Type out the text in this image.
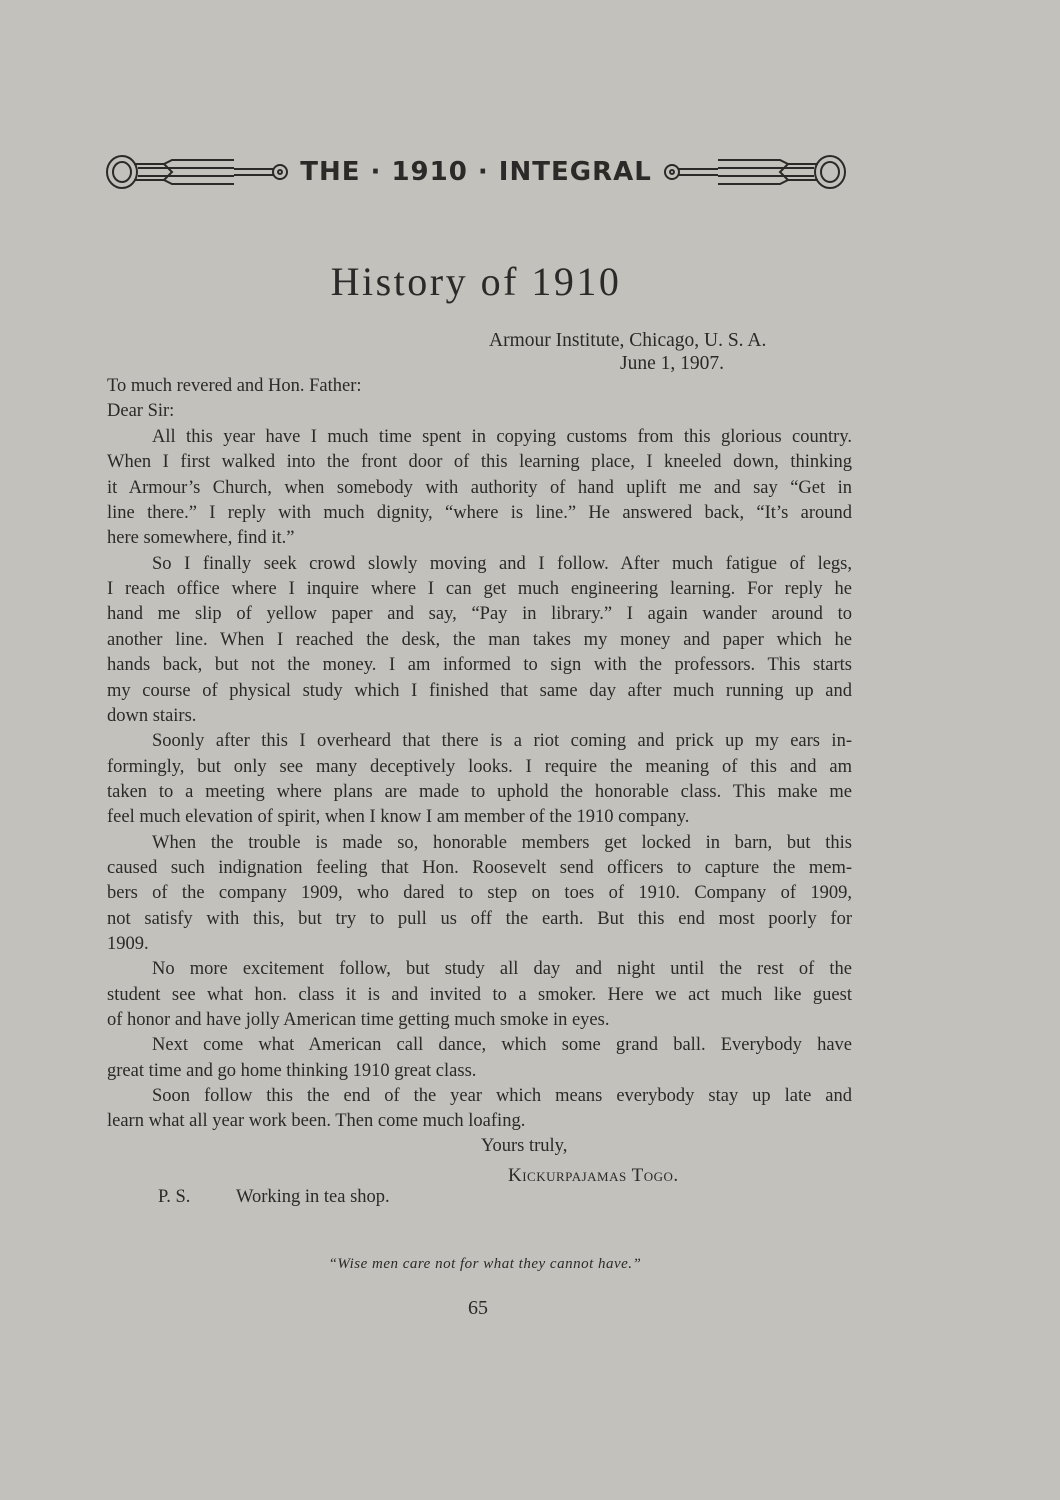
THE · 1910 · INTEGRAL
History of 1910
Armour Institute, Chicago, U. S. A.
June 1, 1907.
To much revered and Hon. Father:
Dear Sir:
All this year have I much time spent in copying customs from this glorious country.
When I first walked into the front door of this learning place, I kneeled down, thinking
it Armour’s Church, when somebody with authority of hand uplift me and say “Get in
line there.” I reply with much dignity, “where is line.” He answered back, “It’s around
here somewhere, find it.”
So I finally seek crowd slowly moving and I follow. After much fatigue of legs,
I reach office where I inquire where I can get much engineering learning. For reply he
hand me slip of yellow paper and say, “Pay in library.” I again wander around to
another line. When I reached the desk, the man takes my money and paper which he
hands back, but not the money. I am informed to sign with the professors. This starts
my course of physical study which I finished that same day after much running up and
down stairs.
Soonly after this I overheard that there is a riot coming and prick up my ears in-
formingly, but only see many deceptively looks. I require the meaning of this and am
taken to a meeting where plans are made to uphold the honorable class. This make me
feel much elevation of spirit, when I know I am member of the 1910 company.
When the trouble is made so, honorable members get locked in barn, but this
caused such indignation feeling that Hon. Roosevelt send officers to capture the mem-
bers of the company 1909, who dared to step on toes of 1910. Company of 1909,
not satisfy with this, but try to pull us off the earth. But this end most poorly for
1909.
No more excitement follow, but study all day and night until the rest of the
student see what hon. class it is and invited to a smoker. Here we act much like guest
of honor and have jolly American time getting much smoke in eyes.
Next come what American call dance, which some grand ball. Everybody have
great time and go home thinking 1910 great class.
Soon follow this the end of the year which means everybody stay up late and
learn what all year work been. Then come much loafing.
Yours truly,
Kickurpajamas Togo.
P. S. Working in tea shop.
“Wise men care not for what they cannot have.”
65
